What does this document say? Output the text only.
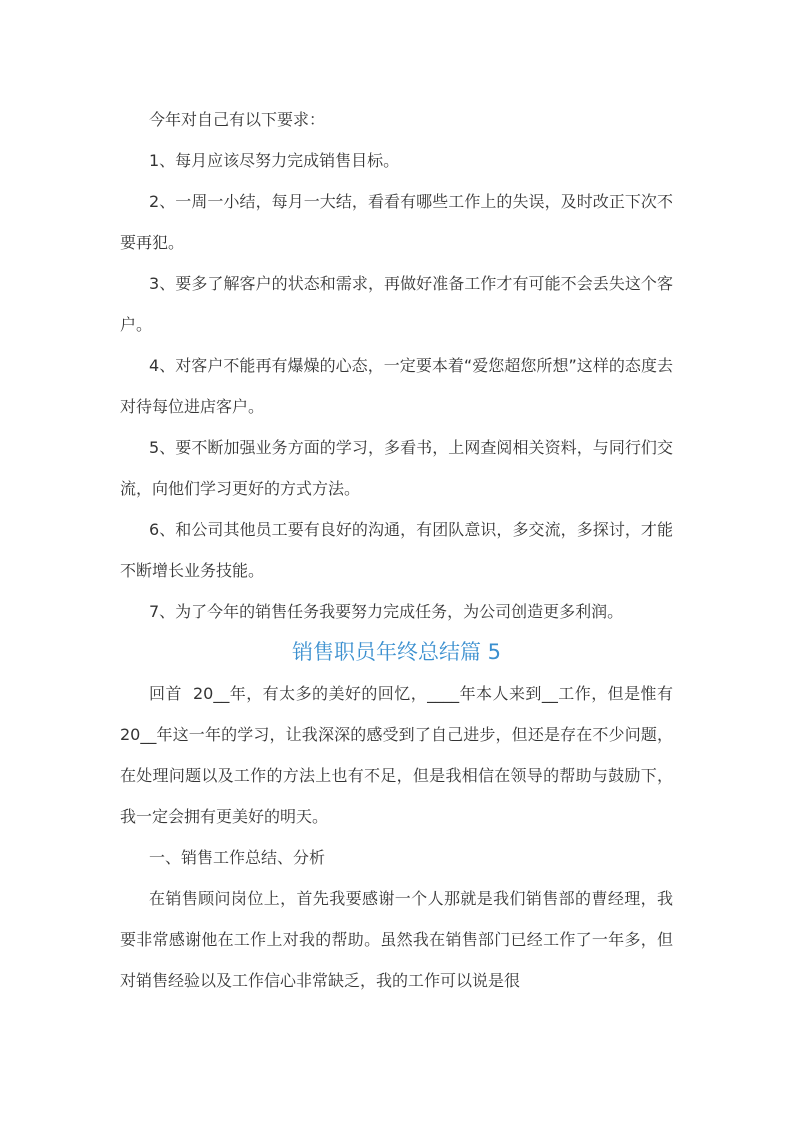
今年对自己有以下要求：

1、每月应该尽努力完成销售目标。

2、一周一小结，每月一大结，看看有哪些工作上的失误，及时改正下次不要再犯。

3、要多了解客户的状态和需求，再做好准备工作才有可能不会丢失这个客户。

4、对客户不能再有爆燥的心态，一定要本着“爱您超您所想”这样的态度去对待每位进店客户。

5、要不断加强业务方面的学习，多看书，上网查阅相关资料，与同行们交流，向他们学习更好的方式方法。

6、和公司其他员工要有良好的沟通，有团队意识，多交流，多探讨，才能不断增长业务技能。

7、为了今年的销售任务我要努力完成任务，为公司创造更多利润。

销售职员年终总结篇 5

回首  20__年，有太多的美好的回忆，____年本人来到__工作，但是惟有  20__年这一年的学习，让我深深的感受到了自己进步，但还是存在不少问题，在处理问题以及工作的方法上也有不足，但是我相信在领导的帮助与鼓励下，我一定会拥有更美好的明天。

一、销售工作总结、分析

在销售顾问岗位上，首先我要感谢一个人那就是我们销售部的曹经理，我要非常感谢他在工作上对我的帮助。虽然我在销售部门已经工作了一年多，但对销售经验以及工作信心非常缺乏，我的工作可以说是很
